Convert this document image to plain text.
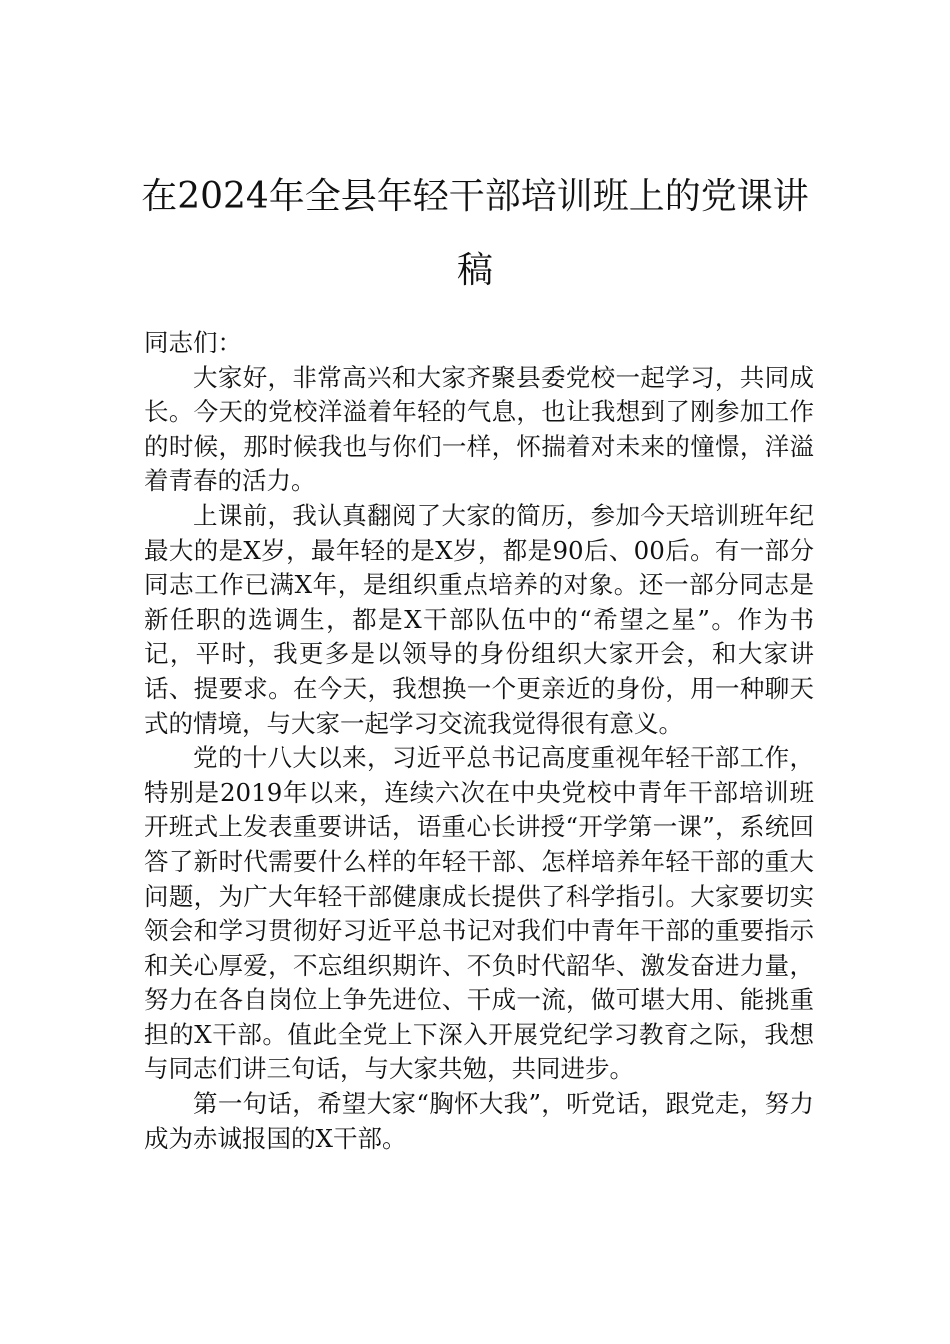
在2024年全县年轻干部培训班上的党课讲稿

同志们：

大家好，非常高兴和大家齐聚县委党校一起学习，共同成长。今天的党校洋溢着年轻的气息，也让我想到了刚参加工作的时候，那时候我也与你们一样，怀揣着对未来的憧憬，洋溢着青春的活力。

上课前，我认真翻阅了大家的简历，参加今天培训班年纪最大的是X岁，最年轻的是X岁，都是90后、00后。有一部分同志工作已满X年，是组织重点培养的对象。还一部分同志是新任职的选调生，都是X干部队伍中的“希望之星”。作为书记，平时，我更多是以领导的身份组织大家开会，和大家讲话、提要求。在今天，我想换一个更亲近的身份，用一种聊天式的情境，与大家一起学习交流我觉得很有意义。

党的十八大以来，习近平总书记高度重视年轻干部工作，特别是2019年以来，连续六次在中央党校中青年干部培训班开班式上发表重要讲话，语重心长讲授“开学第一课”，系统回答了新时代需要什么样的年轻干部、怎样培养年轻干部的重大问题，为广大年轻干部健康成长提供了科学指引。大家要切实领会和学习贯彻好习近平总书记对我们中青年干部的重要指示和关心厚爱，不忘组织期许、不负时代韶华、激发奋进力量，努力在各自岗位上争先进位、干成一流，做可堪大用、能挑重担的X干部。值此全党上下深入开展党纪学习教育之际，我想与同志们讲三句话，与大家共勉，共同进步。

第一句话，希望大家“胸怀大我”，听党话，跟党走，努力成为赤诚报国的X干部。
